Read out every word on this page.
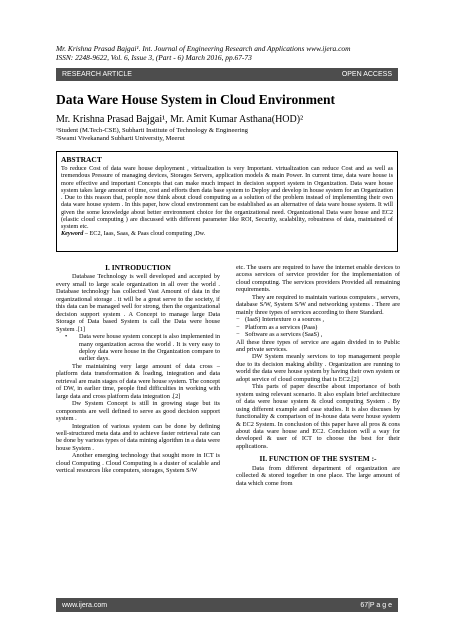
Mr. Krishna Prasad Bajgai¹. Int. Journal of Engineering Research and Applications www.ijera.com
ISSN: 2248-9622, Vol. 6, Issue 3, (Part - 6) March 2016, pp.67-73
RESEARCH ARTICLE	OPEN ACCESS
Data Ware House System in Cloud Environment
Mr. Krishna Prasad Bajgai¹, Mr. Amit Kumar Asthana(HOD)²
¹Student (M.Tech-CSE), Subharti Institute of Technology & Engineering
²Swami Vivekanand Subharti University, Meerut
ABSTRACT

To reduce Cost of data ware house deployment , virtualization is very Important. virtualization can reduce Cost and as well as tremendous Pressure of managing devices, Storages Servers, application models & main Power. In current time, data ware house is more effective and important Concepts that can make much impact in decision support system in Organization. Data ware house system takes large amount of time, cost and efforts then data base system to Deploy and develop in house system for an Organization . Due to this reason that, people now think about cloud computing as a solution of the problem instead of implementing their own data ware house system . In this paper, how cloud environment can be established as an alternative of data ware house system. It will given the some knowledge about better environment choice for the organizational need. Organizational Data ware house and EC2 (elastic cloud computing ) are discussed with different parameter like ROI, Security, scalability, robustness of data, maintained of system etc.

Keyword – EC2, Iaas, Saas, & Paas cloud computing ,Dw.
I. INTRODUCTION

Database Technology is well developed and accepted by every small to large scale organization in all over the world . Database technology has collected Vast Amount of data in the organizational storage . it will be a great serve to the society, if this data can be managed well for strong, then the organizational decision support system . A Concept to manage large Data Storage of Data based System is call the Data were house System .[1]

• Data were house system concept is also implemented in many organization across the world . It is very easy to deploy data were house in the Organization compare to earlier days.

The maintaining very large amount of data cross –platform data transformation & loading, integration and data retrieval are main stages of data were house system. The concept of DW, in earlier time, people find difficulties in working with large data and cross platform data integration .[2]

Dw System Concept is still in growing stage but its components are well defined to serve as good decision support system .

Integration of various system can be done by defining well-structured meta data and to achieve faster retrieval rate can be done by various types of data mining algorithm in a data were house System .

Another emerging technology that sought more in ICT is cloud Computing . Cloud Computing is a duster of scalable and vertical resources like computers, storages, System S/W

etc. The users are required to have the internet enable devices to access services of service provider for the implementation of cloud computing. The services providers Provided all remaining requirements.

They are required to maintain various computers , servers, database S/W, System S/W and networking systems . There are mainly three types of services according to there Standard.

− (IaaS) Intertexture o a sources ,
− Platform as a services (Paas)
− Software as a services (SaaS) ,

All these three types of service are again divided in to Public and private services.

DW System meanly services to top management people due to its decision making ability . Organization are running to world the data were house system by having their own system or adopt service of cloud computing that is EC2.[2]

This parts of paper describe about importance of both system using relevant scenario. It also explain brief architecture of data were house system & cloud computing System . By using different example and case studies. It is also discuses by functionality & comparison of in-house data were house system & EC2 System. In conclusion of this paper have all pros & cons about data ware house and EC2. Conclusion will a way for developed & user of ICT to choose the best for their applications.

II. FUNCTION OF THE SYSTEM :-

Data from different department of organization are collected & stored together in one place. The large amount of data which come from

www.ijera.com	67|P a g e
